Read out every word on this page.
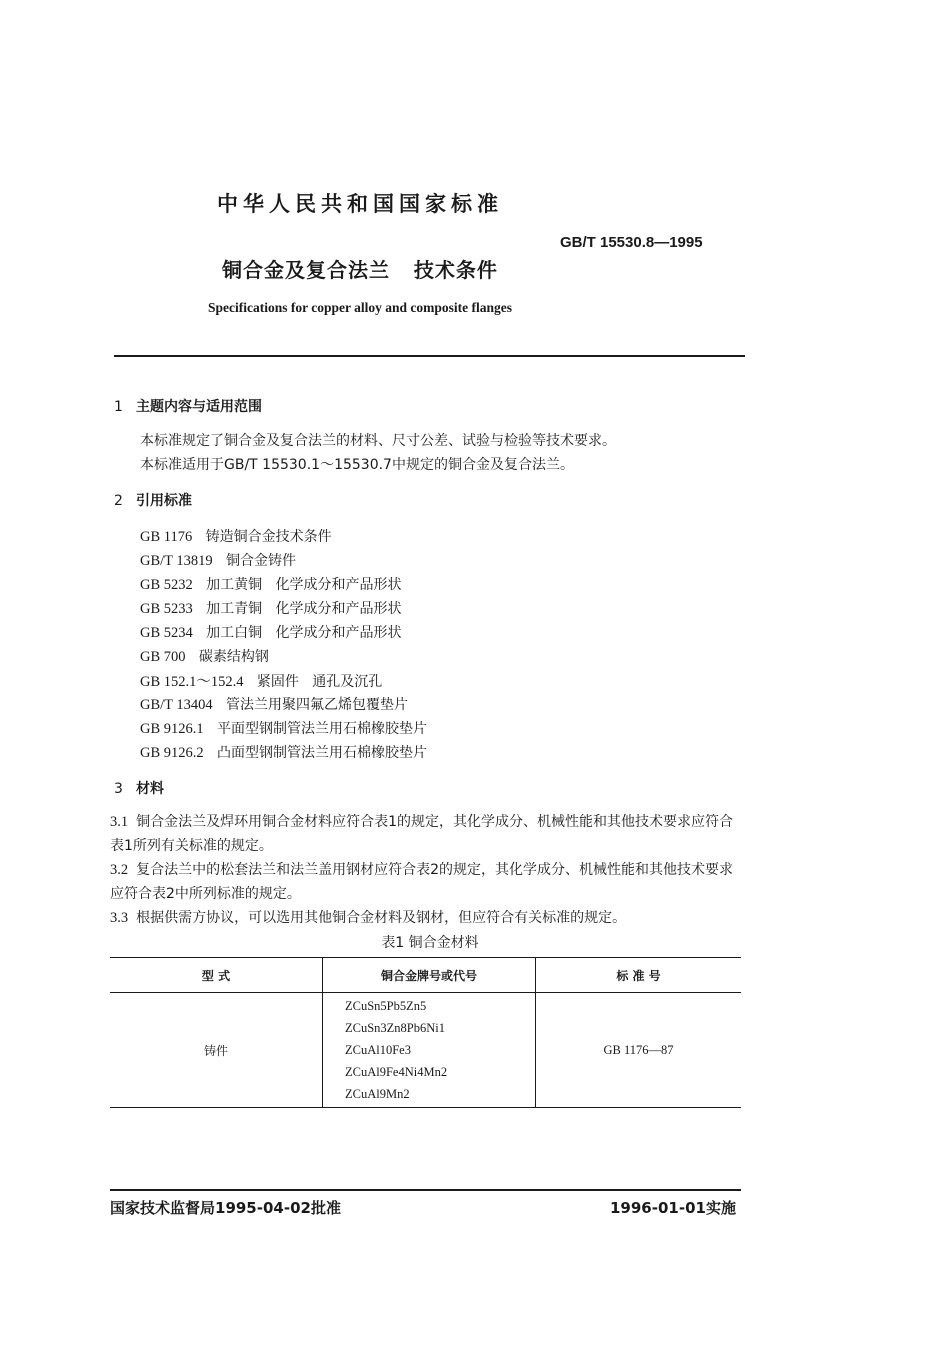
中华人民共和国国家标准
GB/T 15530.8—1995
铜合金及复合法兰   技术条件
Specifications for copper alloy and composite flanges
1 主题内容与适用范围
本标准规定了铜合金及复合法兰的材料、尺寸公差、试验与检验等技术要求。
本标准适用于GB/T 15530.1～15530.7中规定的铜合金及复合法兰。
2 引用标准
GB 1176 铸造铜合金技术条件
GB/T 13819 铜合金铸件
GB 5232 加工黄铜   化学成分和产品形状
GB 5233 加工青铜   化学成分和产品形状
GB 5234 加工白铜   化学成分和产品形状
GB 700 碳素结构钢
GB 152.1～152.4 紧固件   通孔及沉孔
GB/T 13404 管法兰用聚四氟乙烯包覆垫片
GB 9126.1 平面型钢制管法兰用石棉橡胶垫片
GB 9126.2 凸面型钢制管法兰用石棉橡胶垫片
3 材料
3.1 铜合金法兰及焊环用铜合金材料应符合表1的规定，其化学成分、机械性能和其他技术要求应符合表1所列有关标准的规定。
3.2 复合法兰中的松套法兰和法兰盖用钢材应符合表2的规定，其化学成分、机械性能和其他技术要求应符合表2中所列标准的规定。
3.3 根据供需方协议，可以选用其他铜合金材料及钢材，但应符合有关标准的规定。
表1 铜合金材料
型 式	铜合金牌号或代号	标 准 号
铸件	ZCuSn5Pb5Zn5
ZCuSn3Zn8Pb6Ni1
ZCuAl10Fe3
ZCuAl9Fe4Ni4Mn2
ZCuAl9Mn2	GB 1176—87
国家技术监督局1995-04-02批准	1996-01-01实施
